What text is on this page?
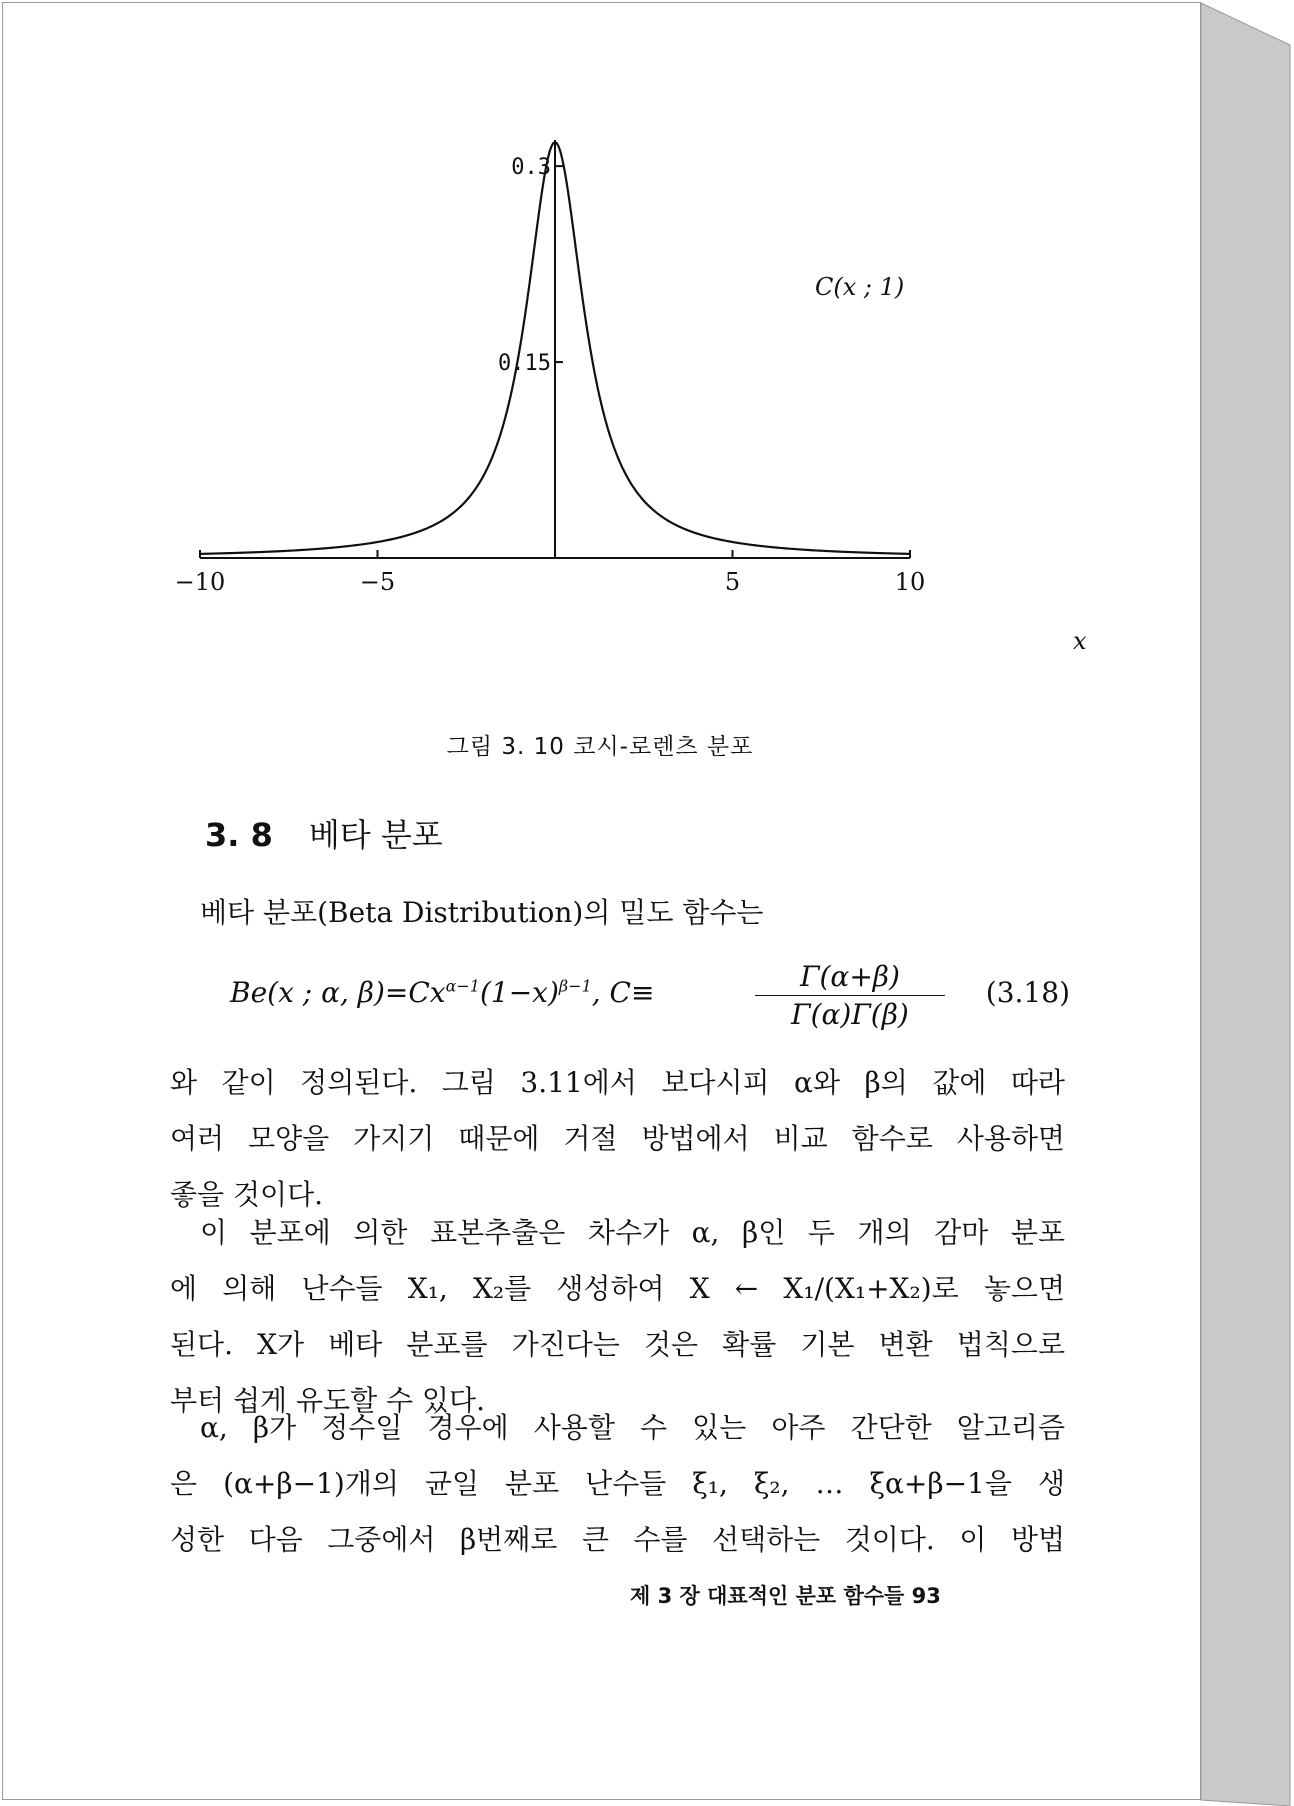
−10	−5	5	10
0.15
0.3
C(x ; 1)
x
그림 3. 10 코시-로렌츠 분포
3. 8 베타 분포
베타 분포(Beta Distribution)의 밀도 함수는
Be(x ; α, $\beta)=Cx^{\alpha-1}(1-x)^{\beta-1}$, C≡	$\frac{\Gamma(\alpha+\beta)}{\Gamma(\alpha)\Gamma(\beta)} (3.18)$
와 같이 정의된다. 그림 3.11에서 보다시피 α와 β의 값에 따라
여러 모양을 가지기 때문에 거절 방법에서 비교 함수로 사용하면
좋을 것이다.
이 분포에 의한 표본추출은 차수가 α, β인 두 개의 감마 분포
에 의해 난수들 X₁, X₂를 생성하여 X ← X₁/(X₁+X₂)로 놓으면
된다. X가 베타 분포를 가진다는 것은 확률 기본 변환 법칙으로
부터 쉽게 유도할 수 있다.
α, β가 정수일 경우에 사용할 수 있는 아주 간단한 알고리즘
은 (α+β−1)개의 균일 분포 난수들 ξ₁, ξ₂, … ξα+β−1을 생
성한 다음 그중에서 β번째로 큰 수를 선택하는 것이다. 이 방법
제 3 장 대표적인 분포 함수들 93
